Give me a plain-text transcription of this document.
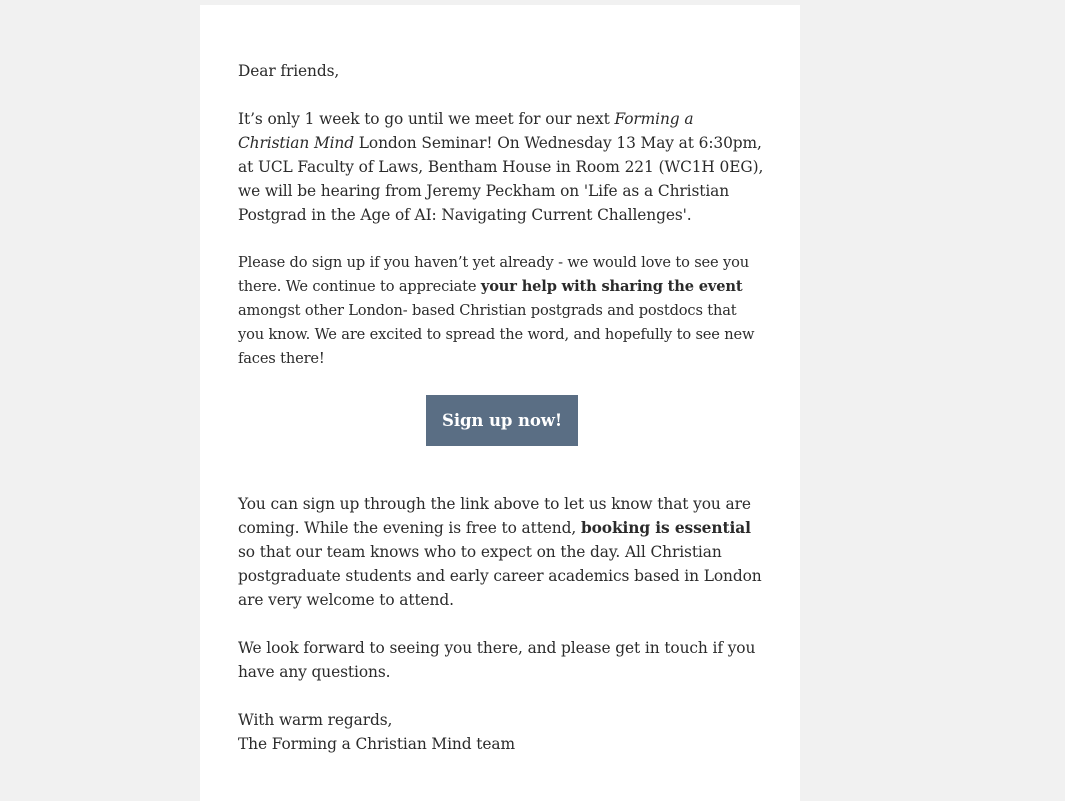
Dear friends,

It’s only 1 week to go until we meet for our next Forming a Christian Mind London Seminar! On Wednesday 13 May at 6:30pm, at UCL Faculty of Laws, Bentham House in Room 221 (WC1H 0EG), we will be hearing from Jeremy Peckham on 'Life as a Christian Postgrad in the Age of AI: Navigating Current Challenges'.

Please do sign up if you haven’t yet already - we would love to see you there. We continue to appreciate your help with sharing the event amongst other London- based Christian postgrads and postdocs that you know. We are excited to spread the word, and hopefully to see new faces there!

Sign up now!

You can sign up through the link above to let us know that you are coming. While the evening is free to attend, booking is essential so that our team knows who to expect on the day. All Christian postgraduate students and early career academics based in London are very welcome to attend.

We look forward to seeing you there, and please get in touch if you have any questions.

With warm regards,

The Forming a Christian Mind team
